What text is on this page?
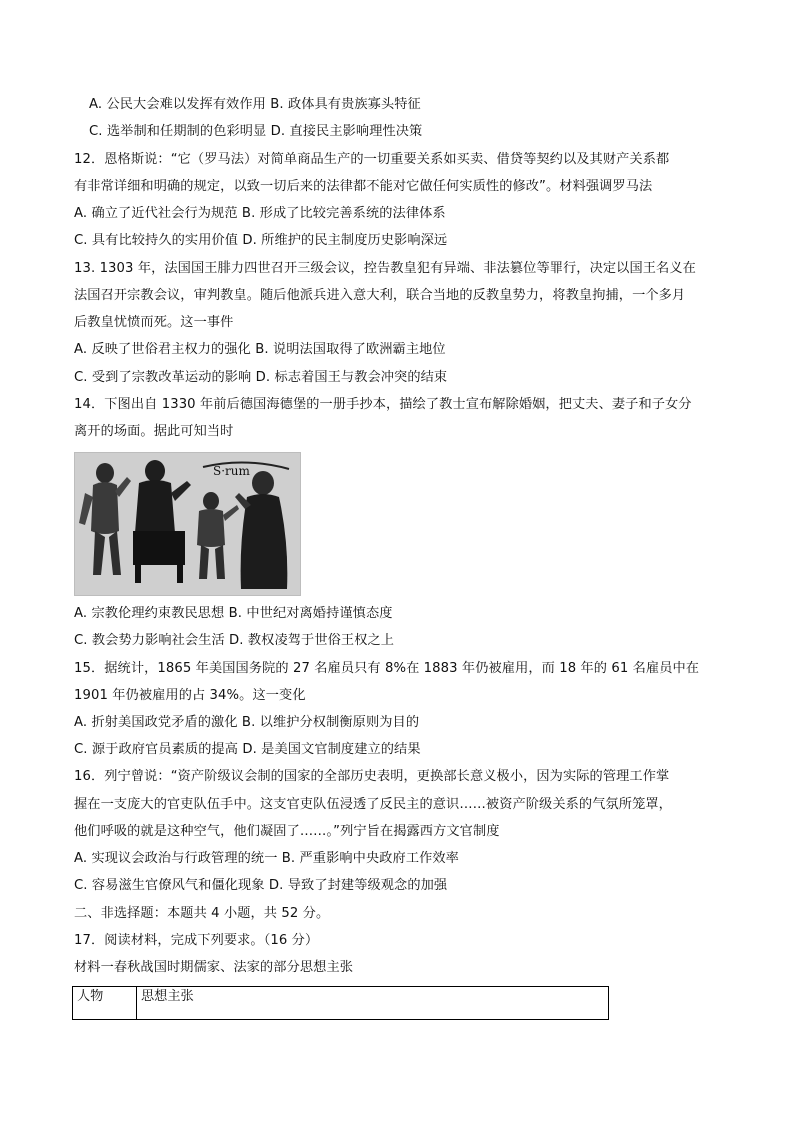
A. 公民大会难以发挥有效作用 B. 政体具有贵族寡头特征
C. 选举制和任期制的色彩明显 D. 直接民主影响理性决策
12．恩格斯说：“它（罗马法）对简单商品生产的一切重要关系如买卖、借贷等契约以及其财产关系都
有非常详细和明确的规定，以致一切后来的法律都不能对它做任何实质性的修改”。材料强调罗马法
A. 确立了近代社会行为规范 B. 形成了比较完善系统的法律体系
C. 具有比较持久的实用价值 D. 所维护的民主制度历史影响深远
13. 1303 年，法国国王腓力四世召开三级会议，控告教皇犯有异端、非法篡位等罪行，决定以国王名义在
法国召开宗教会议，审判教皇。随后他派兵进入意大利，联合当地的反教皇势力，将教皇拘捕，一个多月
后教皇忧愤而死。这一事件
A. 反映了世俗君主权力的强化 B. 说明法国取得了欧洲霸主地位
C. 受到了宗教改革运动的影响 D. 标志着国王与教会冲突的结束
14．下图出自 1330 年前后德国海德堡的一册手抄本，描绘了教士宣布解除婚姻，把丈夫、妻子和子女分
离开的场面。据此可知当时
S·rum
A. 宗教伦理约束教民思想 B. 中世纪对离婚持谨慎态度
C. 教会势力影响社会生活 D. 教权凌驾于世俗王权之上
15．据统计，1865 年美国国务院的 27 名雇员只有 8%在 1883 年仍被雇用，而 18 年的 61 名雇员中在
1901 年仍被雇用的占 34%。这一变化
A. 折射美国政党矛盾的激化 B. 以维护分权制衡原则为目的
C. 源于政府官员素质的提高 D. 是美国文官制度建立的结果
16．列宁曾说：“资产阶级议会制的国家的全部历史表明，更换部长意义极小，因为实际的管理工作掌
握在一支庞大的官吏队伍手中。这支官吏队伍浸透了反民主的意识……被资产阶级关系的气氛所笼罩，
他们呼吸的就是这种空气，他们凝固了……。”列宁旨在揭露西方文官制度
A. 实现议会政治与行政管理的统一 B. 严重影响中央政府工作效率
C. 容易滋生官僚风气和僵化现象 D. 导致了封建等级观念的加强
二、非选择题：本题共 4 小题，共 52 分。
17．阅读材料，完成下列要求。（16 分）
材料一春秋战国时期儒家、法家的部分思想主张
人物	思想主张
